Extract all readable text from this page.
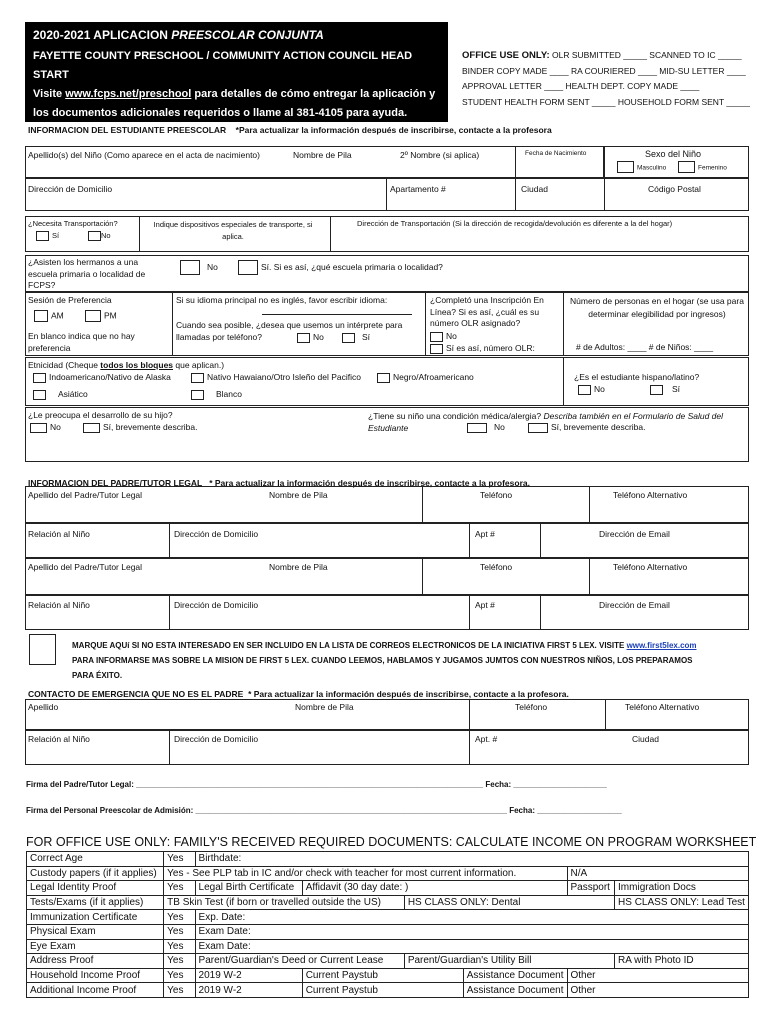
2020-2021 APLICACION PREESCOLAR CONJUNTA
FAYETTE COUNTY PRESCHOOL / COMMUNITY ACTION COUNCIL HEAD START
Visite www.fcps.net/preschool para detalles de cómo entregar la aplicación y
los documentos adicionales requeridos o llame al 381-4105 para ayuda.
OFFICE USE ONLY: OLR SUBMITTED _____ SCANNED TO IC _____
BINDER COPY MADE ____ RA COURIERED ____ MID-SU LETTER ____
APPROVAL LETTER ____ HEALTH DEPT. COPY MADE ____
STUDENT HEALTH FORM SENT _____ HOUSEHOLD FORM SENT _____
INFORMACION DEL ESTUDIANTE PREESCOLAR *Para actualizar la información después de inscribirse, contacte a la profesora
Apellido(s) del Niño (Como aparece en el acta de nacimiento)	Nombre de Pila	2º Nombre (si aplica)	Fecha de Nacimiento	Sexo del Niño
Masculino	Femenino
Dirección de Domicilio	Apartamento #	Ciudad	Código Postal
¿Necesita Transportación?
Sí	No
Indique dispositivos especiales de transporte, si aplica.
Dirección de Transportación (Si la dirección de recogida/devolución es diferente a la del hogar)
¿Asisten los hermanos a una escuela primaria o localidad de FCPS?
No	Sí. Si es así, ¿qué escuela primaria o localidad?
Sesión de Preferencia
AM	PM
En blanco indica que no hay preferencia
Si su idioma principal no es inglés, favor escribir idioma:
Cuando sea posible, ¿desea que usemos un intérprete para llamadas por teléfono?	No	Sí
¿Completó una Inscripción En Línea? Si es así, ¿cuál es su número OLR asignado?
No
Sí es así, número OLR:
Número de personas en el hogar (se usa para determinar elegibilidad por ingresos)
# de Adultos: ____ # de Niños: ____
Etnicidad (Cheque todos los bloques que aplican.)
Indoamericano/Nativo de Alaska	Nativo Hawaiano/Otro Isleño del Pacifico	Negro/Afroamericano
Asiático	Blanco
¿Es el estudiante hispano/latino?
No	Sí
¿Le preocupa el desarrollo de su hijo?
No	Sí, brevemente describa.
¿Tiene su niño una condición médica/alergia? Describa también en el Formulario de Salud del Estudiante	No	Sí, brevemente describa.
INFORMACION DEL PADRE/TUTOR LEGAL * Para actualizar la información después de inscribirse, contacte a la profesora.
Apellido del Padre/Tutor Legal	Nombre de Pila	Teléfono	Teléfono Alternativo
Relación al Niño	Dirección de Domicilio	Apt #	Dirección de Email
Apellido del Padre/Tutor Legal	Nombre de Pila	Teléfono	Teléfono Alternativo
Relación al Niño	Dirección de Domicilio	Apt #	Dirección de Email
MARQUE AQUí SI NO ESTA INTERESADO EN SER INCLUIDO EN LA LISTA DE CORREOS ELECTRONICOS DE LA INICIATIVA FIRST 5 LEX. VISITE www.first5lex.com
PARA INFORMARSE MAS SOBRE LA MISION DE FIRST 5 LEX. CUANDO LEEMOS, HABLAMOS Y JUGAMOS JUMTOS CON NUESTROS NIÑOS, LOS PREPARAMOS
PARA ÉXITO.
CONTACTO DE EMERGENCIA QUE NO ES EL PADRE * Para actualizar la información después de inscribirse, contacte a la profesora.
Apellido	Nombre de Pila	Teléfono	Teléfono Alternativo
Relación al Niño	Dirección de Domicilio	Apt. #	Ciudad
Firma del Padre/Tutor Legal: ______________________________________________________________________________ Fecha: _____________________
Firma del Personal Preescolar de Admisión: ______________________________________________________________________ Fecha: ___________________
FOR OFFICE USE ONLY: FAMILY'S RECEIVED REQUIRED DOCUMENTS: CALCULATE INCOME ON PROGRAM WORKSHEET
Correct Age	Yes	Birthdate:					
Custody papers (if it applies)	Yes - See PLP tab in IC and/or check with teacher for most current information.					N/A	
Legal Identity Proof	Yes	Legal Birth Certificate	Affidavit (30 day date: )			Passport	Immigration Docs
Tests/Exams (if it applies)	TB Skin Test (if born or travelled outside the US)			HS CLASS ONLY: Dental			HS CLASS ONLY: Lead Test
Immunization Certificate	Yes	Exp. Date:					
Physical Exam	Yes	Exam Date:					
Eye Exam	Yes	Exam Date:					
Address Proof	Yes	Parent/Guardian's Deed or Current Lease		Parent/Guardian's Utility Bill			RA with Photo ID
Household Income Proof	Yes	2019 W-2	Current Paystub		Assistance Document	Other	
Additional Income Proof	Yes	2019 W-2	Current Paystub		Assistance Document	Other	
